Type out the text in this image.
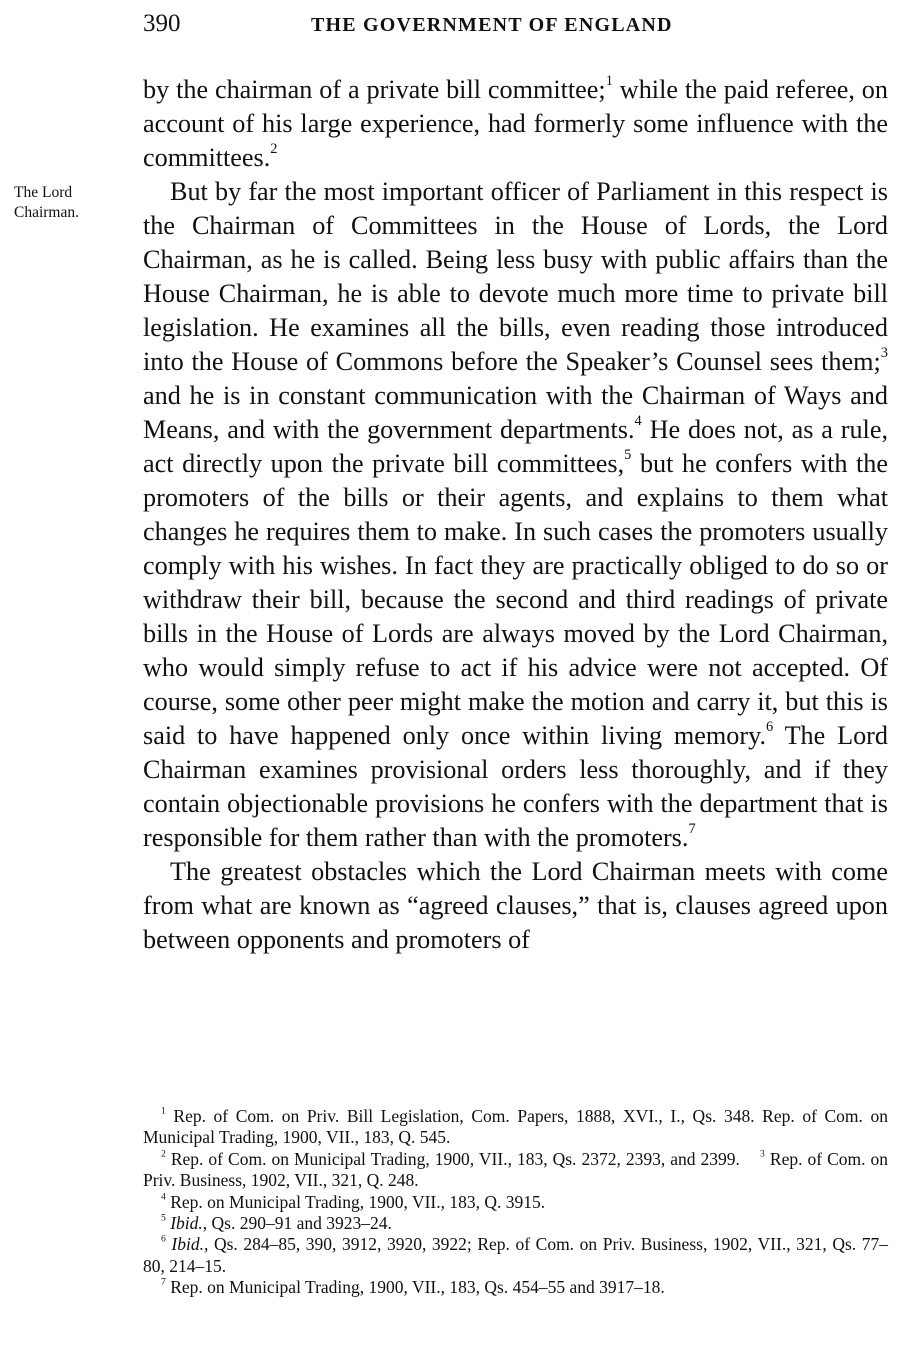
390	THE GOVERNMENT OF ENGLAND
The Lord
Chairman.

by the chairman of a private bill committee;$^1$ while the paid referee, on account of his large experience, had formerly some influence with the committees.$^2$

But by far the most important officer of Parliament in this respect is the Chairman of Committees in the House of Lords, the Lord Chairman, as he is called. Being less busy with public affairs than the House Chairman, he is able to devote much more time to private bill legislation. He examines all the bills, even reading those introduced into the House of Commons before the Speaker’s Counsel sees them;$^3$ and he is in constant communication with the Chairman of Ways and Means, and with the government departments.$^4$ He does not, as a rule, act directly upon the private bill committees,$^5$ but he confers with the promoters of the bills or their agents, and explains to them what changes he requires them to make. In such cases the promoters usually comply with his wishes. In fact they are practically obliged to do so or withdraw their bill, because the second and third readings of private bills in the House of Lords are always moved by the Lord Chairman, who would simply refuse to act if his advice were not accepted. Of course, some other peer might make the motion and carry it, but this is said to have happened only once within living memory.$^6$ The Lord Chairman examines provisional orders less thoroughly, and if they contain objectionable provisions he confers with the department that is responsible for them rather than with the promoters.$^7$

The greatest obstacles which the Lord Chairman meets with come from what are known as “agreed clauses,” that is, clauses agreed upon between opponents and promoters of

$^1$ Rep. of Com. on Priv. Bill Legislation, Com. Papers, 1888, XVI., I., Qs. 348. Rep. of Com. on Municipal Trading, 1900, VII., 183, Q. 545.

$^2$ Rep. of Com. on Municipal Trading, 1900, VII., 183, Qs. 2372, 2393, and 2399. $^3$ Rep. of Com. on Priv. Business, 1902, VII., 321, Q. 248.

$^4$ Rep. on Municipal Trading, 1900, VII., 183, Q. 3915.

$^5$ Ibid., Qs. 290–91 and 3923–24.

$^6$ Ibid., Qs. 284–85, 390, 3912, 3920, 3922; Rep. of Com. on Priv. Business, 1902, VII., 321, Qs. 77–80, 214–15.

$^7$ Rep. on Municipal Trading, 1900, VII., 183, Qs. 454–55 and 3917–18.
